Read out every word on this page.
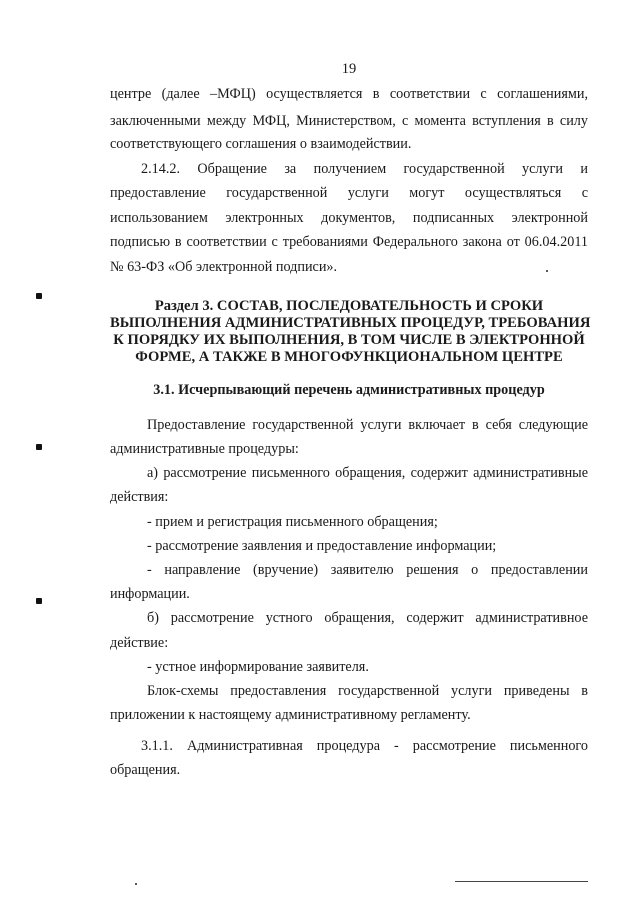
19
центре (далее –МФЦ) осуществляется в соответствии с соглашениями,
заключенными между МФЦ, Министерством, с момента вступления в силу
соответствующего соглашения о взаимодействии.
2.14.2. Обращение за получением государственной услуги и
предоставление государственной услуги могут осуществляться с
использованием электронных документов, подписанных электронной
подписью в соответствии с требованиями Федерального закона от 06.04.2011
№ 63-ФЗ «Об электронной подписи».
Раздел 3. СОСТАВ, ПОСЛЕДОВАТЕЛЬНОСТЬ И СРОКИ
ВЫПОЛНЕНИЯ АДМИНИСТРАТИВНЫХ ПРОЦЕДУР, ТРЕБОВАНИЯ
К ПОРЯДКУ ИХ ВЫПОЛНЕНИЯ, В ТОМ ЧИСЛЕ В ЭЛЕКТРОННОЙ
ФОРМЕ, А ТАКЖЕ В МНОГОФУНКЦИОНАЛЬНОМ ЦЕНТРЕ
3.1. Исчерпывающий перечень административных процедур
Предоставление государственной услуги включает в себя следующие
административные процедуры:
а) рассмотрение письменного обращения, содержит административные
действия:
- прием и регистрация письменного обращения;
- рассмотрение заявления и предоставление информации;
- направление (вручение) заявителю решения о предоставлении
информации.
б) рассмотрение устного обращения, содержит административное
действие:
- устное информирование заявителя.
Блок-схемы предоставления государственной услуги приведены в
приложении к настоящему административному регламенту.
3.1.1. Административная процедура - рассмотрение письменного
обращения.
